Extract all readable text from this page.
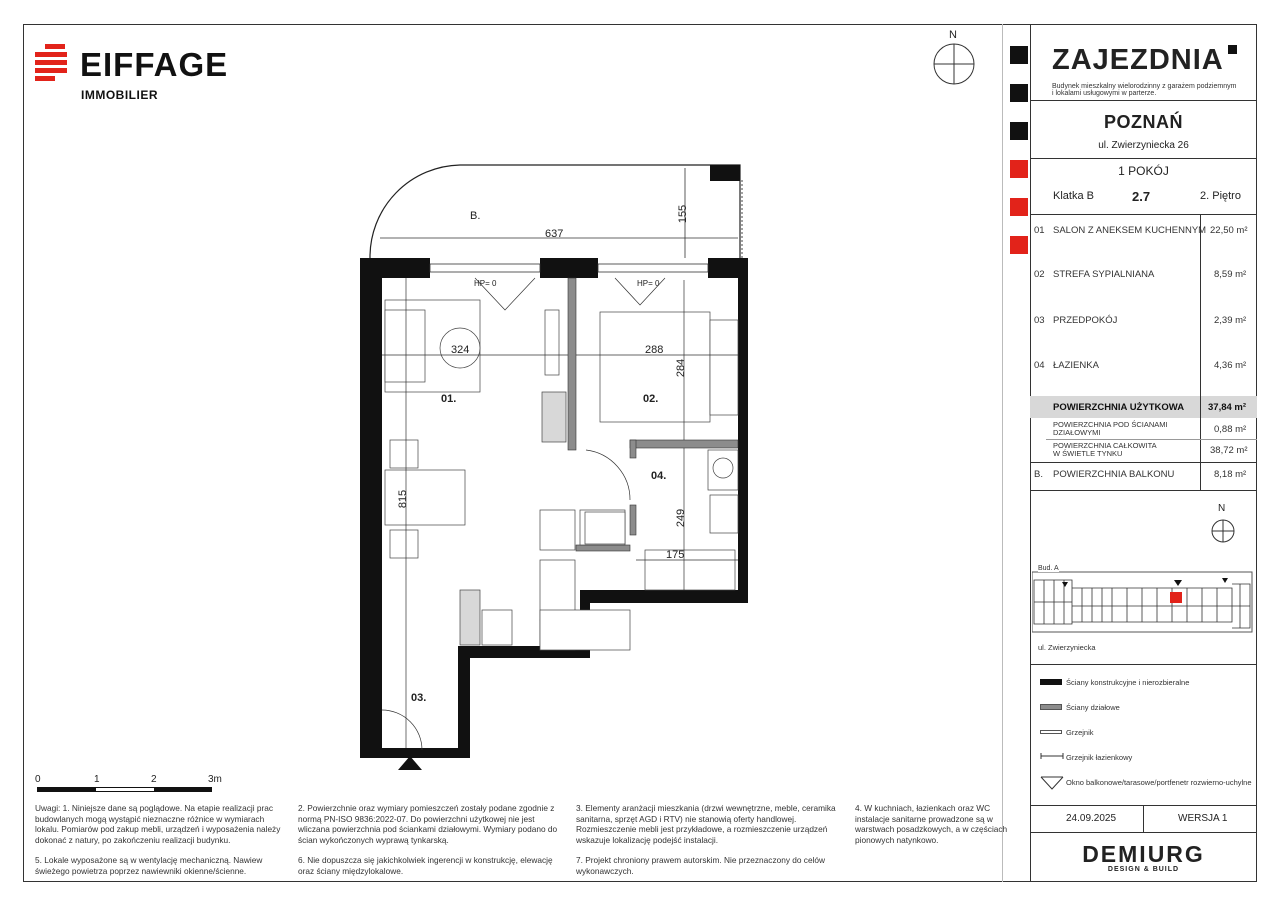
EIFFAGE
IMMOBILIER
N
ZAJEZDNIA
Budynek mieszkalny wielorodzinny z garażem podziemnym
i lokalami usługowymi w parterze.
POZNAŃ
ul. Zwierzyniecka 26
1 POKÓJ
Klatka B	2.7	2. Piętro
01 SALON Z ANEKSEM KUCHENNYM 22,50 m²
02 STREFA SYPIALNIANA	8,59 m²
03 PRZEDPOKÓJ	2,39 m²
04 ŁAZIENKA	4,36 m²
POWIERZCHNIA UŻYTKOWA	37,84 m²
POWIERZCHNIA POD ŚCIANAMI
DZIAŁOWYMI	0,88 m²
POWIERZCHNIA CAŁKOWITA
W ŚWIETLE TYNKU	38,72 m²
B. POWIERZCHNIA BALKONU	8,18 m²
N
Bud. A
ul. Zwierzyniecka
Ściany konstrukcyjne i nierozbieralne
Ściany działowe
Grzejnik
Grzejnik łazienkowy
Okno balkonowe/tarasowe/portfenetr rozwierno-uchylne
24.09.2025	WERSJA 1
DEMIURG
DESIGN & BUILD
B.
637
155
HP= 0	HP= 0
324	288
284
01.	02.
04.
815
249
175
03.
0	1	2	3m

Uwagi: 1. Niniejsze dane są poglądowe. Na etapie realizacji prac budowlanych mogą wystąpić nieznaczne różnice w wymiarach lokalu. Pomiarów pod zakup mebli, urządzeń i wyposażenia należy dokonać z natury, po zakończeniu realizacji budynku.

2. Powierzchnie oraz wymiary pomieszczeń zostały podane zgodnie z normą PN-ISO 9836:2022-07. Do powierzchni użytkowej nie jest wliczana powierzchnia pod ściankami działowymi. Wymiary podano do ścian wykończonych wyprawą tynkarską.

3. Elementy aranżacji mieszkania (drzwi wewnętrzne, meble, ceramika sanitarna, sprzęt AGD i RTV) nie stanowią oferty handlowej. Rozmieszczenie mebli jest przykładowe, a rozmieszczenie urządzeń wskazuje lokalizację podejść instalacji.

4. W kuchniach, łazienkach oraz WC instalacje sanitarne prowadzone są w warstwach posadzkowych, a w częściach pionowych natynkowo.

5. Lokale wyposażone są w wentylację mechaniczną. Nawiew świeżego powietrza poprzez nawiewniki okienne/ścienne.

6. Nie dopuszcza się jakichkolwiek ingerencji w konstrukcję, elewację oraz ściany międzylokalowe.

7. Projekt chroniony prawem autorskim. Nie przeznaczony do celów wykonawczych.
